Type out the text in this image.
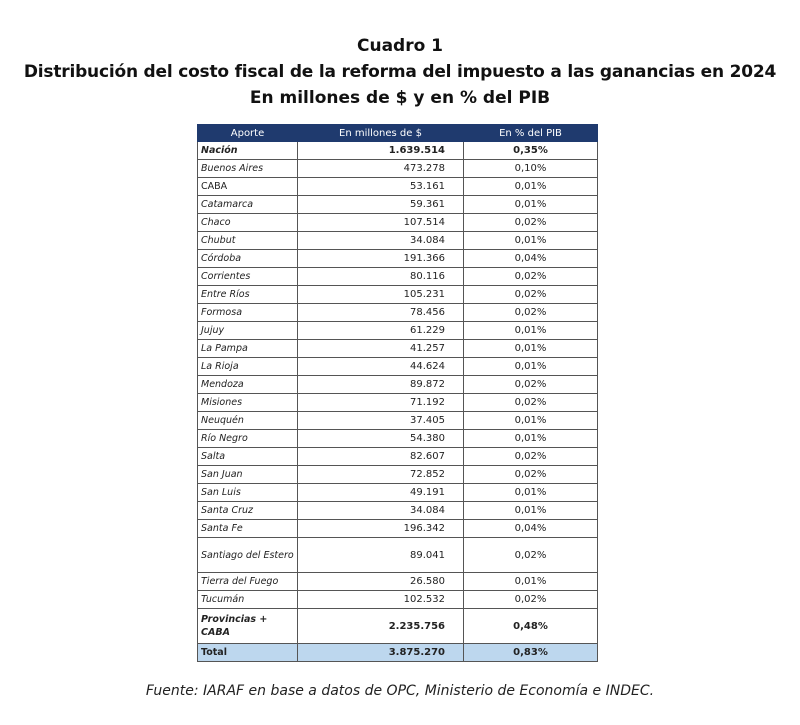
Cuadro 1
Distribución del costo fiscal de la reforma del impuesto a las ganancias en 2024
En millones de $ y en % del PIB
Aporte	En millones de $	En % del PIB
Nación	1.639.514	0,35%
Buenos Aires	473.278	0,10%
CABA	53.161	0,01%
Catamarca	59.361	0,01%
Chaco	107.514	0,02%
Chubut	34.084	0,01%
Córdoba	191.366	0,04%
Corrientes	80.116	0,02%
Entre Ríos	105.231	0,02%
Formosa	78.456	0,02%
Jujuy	61.229	0,01%
La Pampa	41.257	0,01%
La Rioja	44.624	0,01%
Mendoza	89.872	0,02%
Misiones	71.192	0,02%
Neuquén	37.405	0,01%
Río Negro	54.380	0,01%
Salta	82.607	0,02%
San Juan	72.852	0,02%
San Luis	49.191	0,01%
Santa Cruz	34.084	0,01%
Santa Fe	196.342	0,04%
Santiago del Estero	89.041	0,02%
Tierra del Fuego	26.580	0,01%
Tucumán	102.532	0,02%
Provincias + CABA	2.235.756	0,48%
Total	3.875.270	0,83%
Fuente: IARAF en base a datos de OPC, Ministerio de Economía e INDEC.
